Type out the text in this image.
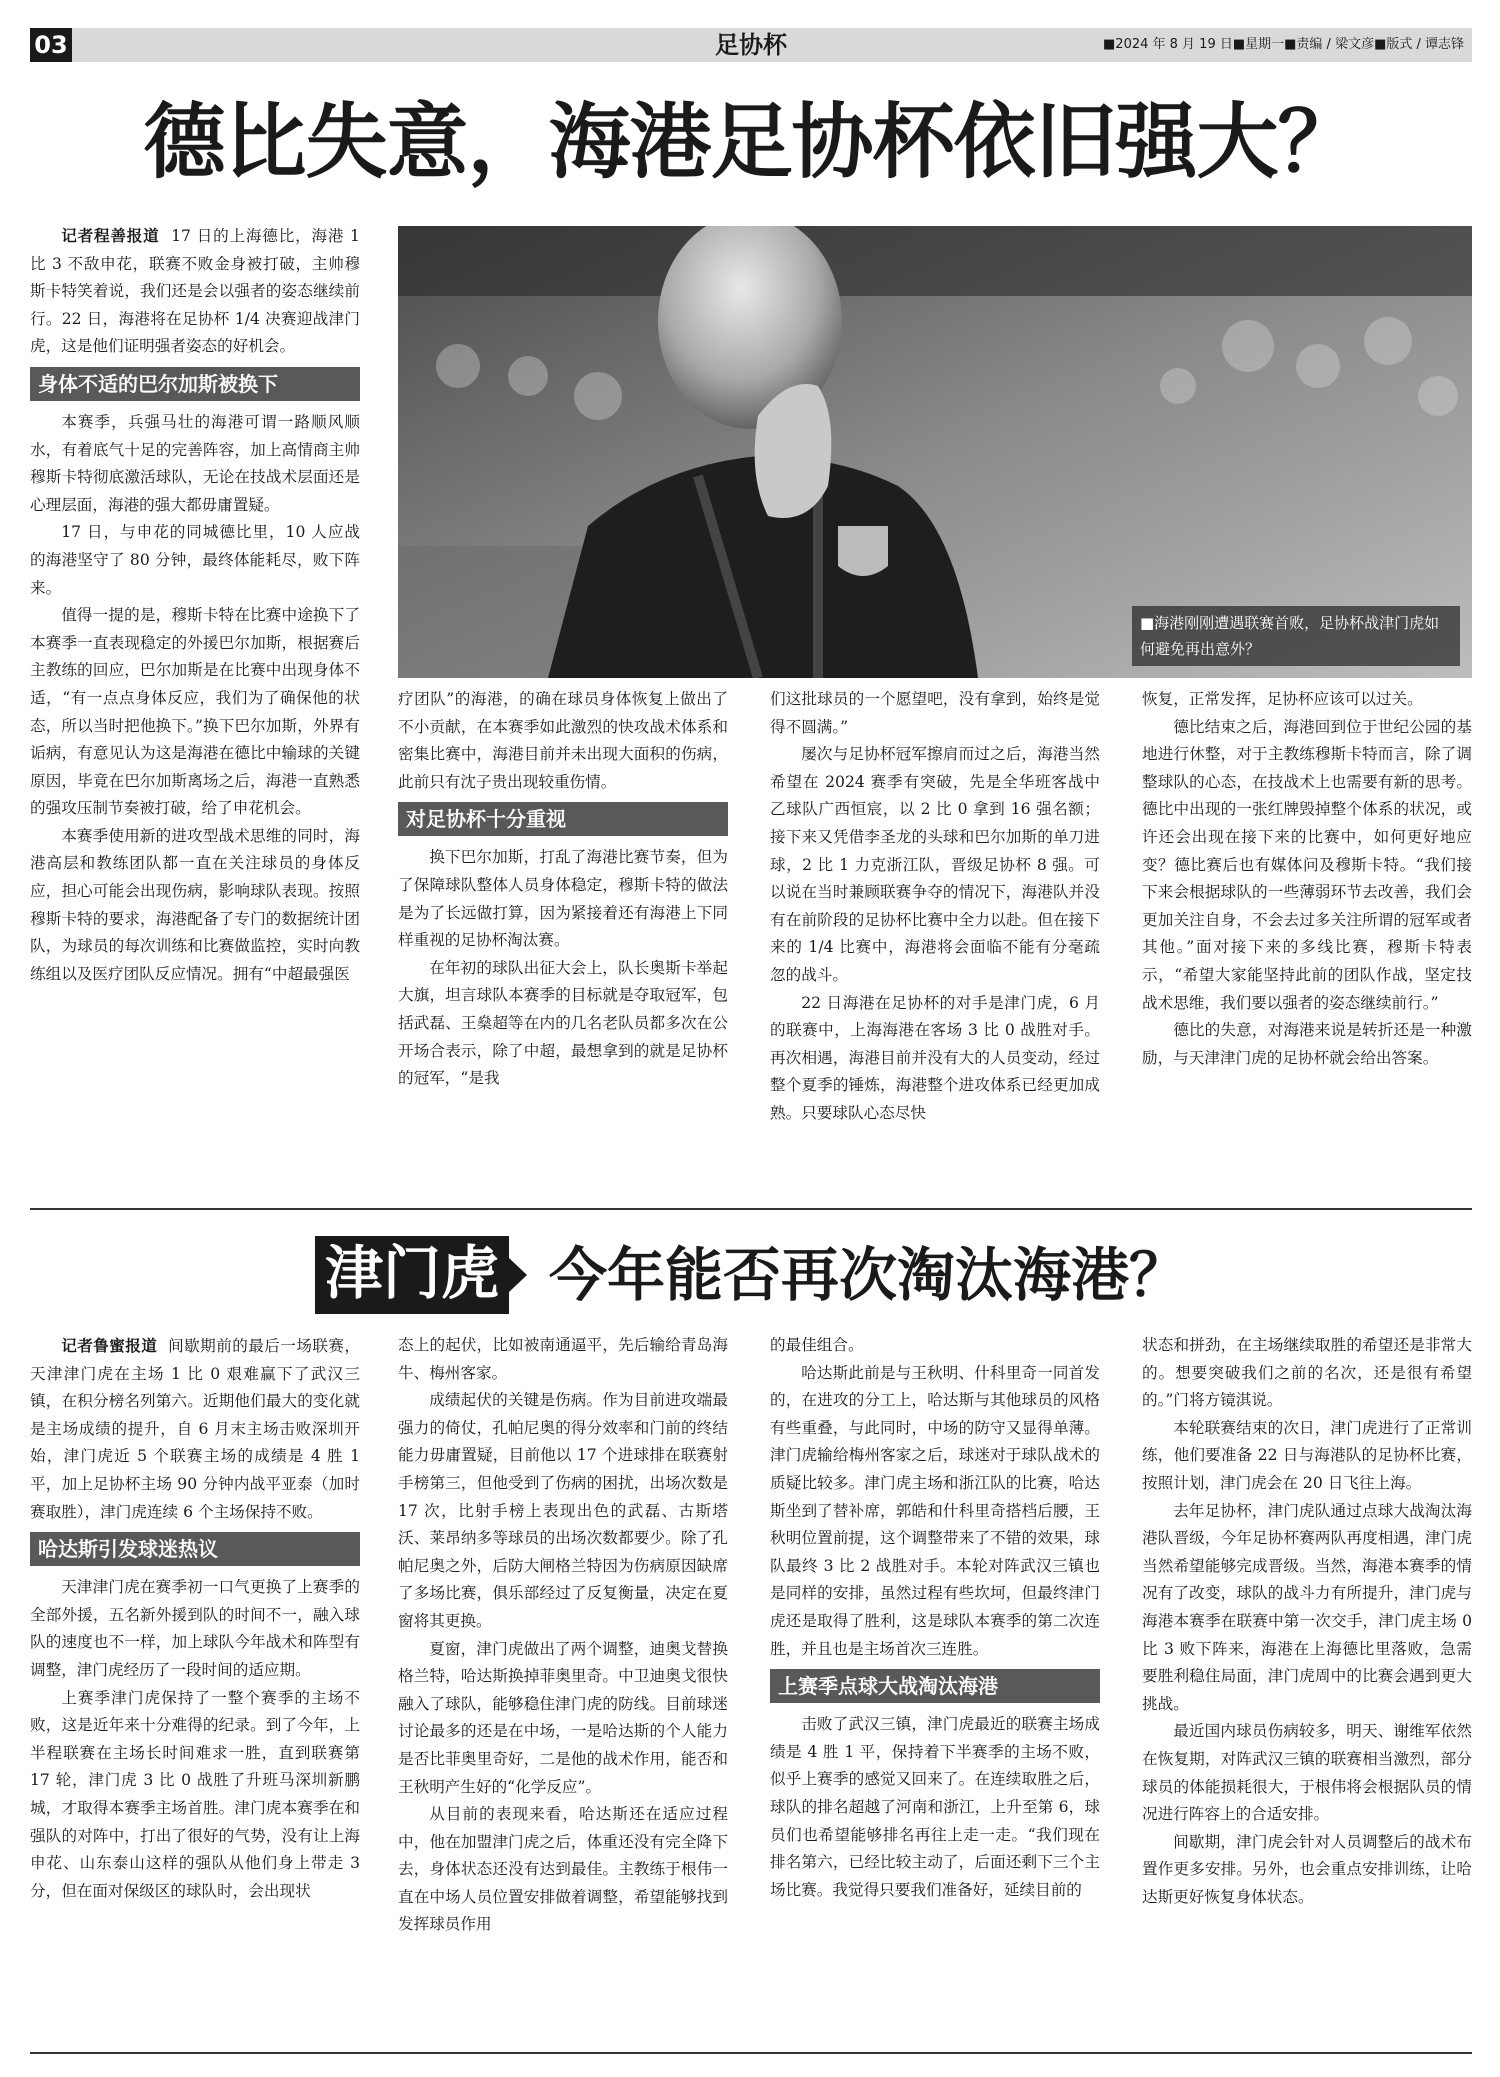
03	足协杯	■2024 年 8 月 19 日■星期一■责编 / 梁文彦■版式 / 谭志锋
德比失意，海港足协杯依旧强大？

记者程善报道 17 日的上海德比，海港 1 比 3 不敌申花，联赛不败金身被打破，主帅穆斯卡特笑着说，我们还是会以强者的姿态继续前行。22 日，海港将在足协杯 1/4 决赛迎战津门虎，这是他们证明强者姿态的好机会。

身体不适的巴尔加斯被换下

本赛季，兵强马壮的海港可谓一路顺风顺水，有着底气十足的完善阵容，加上高情商主帅穆斯卡特彻底激活球队，无论在技战术层面还是心理层面，海港的强大都毋庸置疑。

17 日，与申花的同城德比里，10 人应战的海港坚守了 80 分钟，最终体能耗尽，败下阵来。

值得一提的是，穆斯卡特在比赛中途换下了本赛季一直表现稳定的外援巴尔加斯，根据赛后主教练的回应，巴尔加斯是在比赛中出现身体不适，“有一点点身体反应，我们为了确保他的状态，所以当时把他换下。”换下巴尔加斯，外界有诟病，有意见认为这是海港在德比中输球的关键原因，毕竟在巴尔加斯离场之后，海港一直熟悉的强攻压制节奏被打破，给了申花机会。

本赛季使用新的进攻型战术思维的同时，海港高层和教练团队都一直在关注球员的身体反应，担心可能会出现伤病，影响球队表现。按照穆斯卡特的要求，海港配备了专门的数据统计团队，为球员的每次训练和比赛做监控，实时向教练组以及医疗团队反应情况。拥有“中超最强医

■海港刚刚遭遇联赛首败，足协杯战津门虎如何避免再出意外？

疗团队”的海港，的确在球员身体恢复上做出了不小贡献，在本赛季如此激烈的快攻战术体系和密集比赛中，海港目前并未出现大面积的伤病，此前只有沈子贵出现较重伤情。

对足协杯十分重视

换下巴尔加斯，打乱了海港比赛节奏，但为了保障球队整体人员身体稳定，穆斯卡特的做法是为了长远做打算，因为紧接着还有海港上下同样重视的足协杯淘汰赛。

在年初的球队出征大会上，队长奥斯卡举起大旗，坦言球队本赛季的目标就是夺取冠军，包括武磊、王燊超等在内的几名老队员都多次在公开场合表示，除了中超，最想拿到的就是足协杯的冠军，“是我

们这批球员的一个愿望吧，没有拿到，始终是觉得不圆满。”

屡次与足协杯冠军擦肩而过之后，海港当然希望在 2024 赛季有突破，先是全华班客战中乙球队广西恒宸，以 2 比 0 拿到 16 强名额；接下来又凭借李圣龙的头球和巴尔加斯的单刀进球，2 比 1 力克浙江队，晋级足协杯 8 强。可以说在当时兼顾联赛争夺的情况下，海港队并没有在前阶段的足协杯比赛中全力以赴。但在接下来的 1/4 比赛中，海港将会面临不能有分毫疏忽的战斗。

22 日海港在足协杯的对手是津门虎，6 月的联赛中，上海海港在客场 3 比 0 战胜对手。再次相遇，海港目前并没有大的人员变动，经过整个夏季的锤炼，海港整个进攻体系已经更加成熟。只要球队心态尽快

恢复，正常发挥，足协杯应该可以过关。

德比结束之后，海港回到位于世纪公园的基地进行休整，对于主教练穆斯卡特而言，除了调整球队的心态，在技战术上也需要有新的思考。德比中出现的一张红牌毁掉整个体系的状况，或许还会出现在接下来的比赛中，如何更好地应变？德比赛后也有媒体问及穆斯卡特。“我们接下来会根据球队的一些薄弱环节去改善，我们会更加关注自身，不会去过多关注所谓的冠军或者其他。”面对接下来的多线比赛，穆斯卡特表示，“希望大家能坚持此前的团队作战，坚定技战术思维，我们要以强者的姿态继续前行。”

德比的失意，对海港来说是转折还是一种激励，与天津津门虎的足协杯就会给出答案。

津门虎 今年能否再次淘汰海港？

记者鲁蜜报道 间歇期前的最后一场联赛，天津津门虎在主场 1 比 0 艰难赢下了武汉三镇，在积分榜名列第六。近期他们最大的变化就是主场成绩的提升，自 6 月末主场击败深圳开始，津门虎近 5 个联赛主场的成绩是 4 胜 1 平，加上足协杯主场 90 分钟内战平亚泰（加时赛取胜），津门虎连续 6 个主场保持不败。

哈达斯引发球迷热议

天津津门虎在赛季初一口气更换了上赛季的全部外援，五名新外援到队的时间不一，融入球队的速度也不一样，加上球队今年战术和阵型有调整，津门虎经历了一段时间的适应期。

上赛季津门虎保持了一整个赛季的主场不败，这是近年来十分难得的纪录。到了今年，上半程联赛在主场长时间难求一胜，直到联赛第 17 轮，津门虎 3 比 0 战胜了升班马深圳新鹏城，才取得本赛季主场首胜。津门虎本赛季在和强队的对阵中，打出了很好的气势，没有让上海申花、山东泰山这样的强队从他们身上带走 3 分，但在面对保级区的球队时，会出现状

态上的起伏，比如被南通逼平，先后输给青岛海牛、梅州客家。

成绩起伏的关键是伤病。作为目前进攻端最强力的倚仗，孔帕尼奥的得分效率和门前的终结能力毋庸置疑，目前他以 17 个进球排在联赛射手榜第三，但他受到了伤病的困扰，出场次数是 17 次，比射手榜上表现出色的武磊、古斯塔沃、莱昂纳多等球员的出场次数都要少。除了孔帕尼奥之外，后防大闸格兰特因为伤病原因缺席了多场比赛，俱乐部经过了反复衡量，决定在夏窗将其更换。

夏窗，津门虎做出了两个调整，迪奥戈替换格兰特，哈达斯换掉菲奥里奇。中卫迪奥戈很快融入了球队，能够稳住津门虎的防线。目前球迷讨论最多的还是在中场，一是哈达斯的个人能力是否比菲奥里奇好，二是他的战术作用，能否和王秋明产生好的“化学反应”。

从目前的表现来看，哈达斯还在适应过程中，他在加盟津门虎之后，体重还没有完全降下去，身体状态还没有达到最佳。主教练于根伟一直在中场人员位置安排做着调整，希望能够找到发挥球员作用

的最佳组合。

哈达斯此前是与王秋明、什科里奇一同首发的，在进攻的分工上，哈达斯与其他球员的风格有些重叠，与此同时，中场的防守又显得单薄。津门虎输给梅州客家之后，球迷对于球队战术的质疑比较多。津门虎主场和浙江队的比赛，哈达斯坐到了替补席，郭皓和什科里奇搭档后腰，王秋明位置前提，这个调整带来了不错的效果，球队最终 3 比 2 战胜对手。本轮对阵武汉三镇也是同样的安排，虽然过程有些坎坷，但最终津门虎还是取得了胜利，这是球队本赛季的第二次连胜，并且也是主场首次三连胜。

上赛季点球大战淘汰海港

击败了武汉三镇，津门虎最近的联赛主场成绩是 4 胜 1 平，保持着下半赛季的主场不败，似乎上赛季的感觉又回来了。在连续取胜之后，球队的排名超越了河南和浙江，上升至第 6，球员们也希望能够排名再往上走一走。“我们现在排名第六，已经比较主动了，后面还剩下三个主场比赛。我觉得只要我们准备好，延续目前的

状态和拼劲，在主场继续取胜的希望还是非常大的。想要突破我们之前的名次，还是很有希望的。”门将方镜淇说。

本轮联赛结束的次日，津门虎进行了正常训练，他们要准备 22 日与海港队的足协杯比赛，按照计划，津门虎会在 20 日飞往上海。

去年足协杯，津门虎队通过点球大战淘汰海港队晋级，今年足协杯赛两队再度相遇，津门虎当然希望能够完成晋级。当然，海港本赛季的情况有了改变，球队的战斗力有所提升，津门虎与海港本赛季在联赛中第一次交手，津门虎主场 0 比 3 败下阵来，海港在上海德比里落败，急需要胜利稳住局面，津门虎周中的比赛会遇到更大挑战。

最近国内球员伤病较多，明天、谢维军依然在恢复期，对阵武汉三镇的联赛相当激烈，部分球员的体能损耗很大，于根伟将会根据队员的情况进行阵容上的合适安排。

间歇期，津门虎会针对人员调整后的战术布置作更多安排。另外，也会重点安排训练，让哈达斯更好恢复身体状态。
